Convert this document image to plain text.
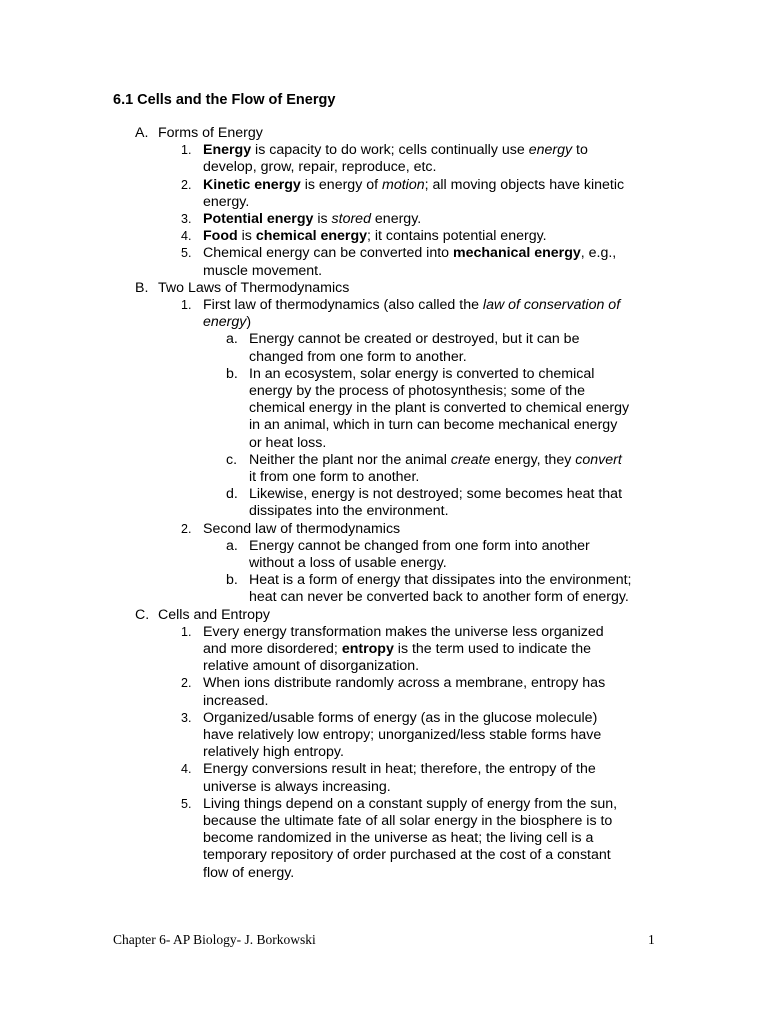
6.1 Cells and the Flow of Energy
A. Forms of Energy
1. Energy is capacity to do work; cells continually use energy to
develop, grow, repair, reproduce, etc.
2. Kinetic energy is energy of motion; all moving objects have kinetic
energy.
3. Potential energy is stored energy.
4. Food is chemical energy; it contains potential energy.
5. Chemical energy can be converted into mechanical energy, e.g.,
muscle movement.
B. Two Laws of Thermodynamics
1. First law of thermodynamics (also called the law of conservation of
energy)
a. Energy cannot be created or destroyed, but it can be
changed from one form to another.
b. In an ecosystem, solar energy is converted to chemical
energy by the process of photosynthesis; some of the
chemical energy in the plant is converted to chemical energy
in an animal, which in turn can become mechanical energy
or heat loss.
c. Neither the plant nor the animal create energy, they convert
it from one form to another.
d. Likewise, energy is not destroyed; some becomes heat that
dissipates into the environment.
2. Second law of thermodynamics
a. Energy cannot be changed from one form into another
without a loss of usable energy.
b. Heat is a form of energy that dissipates into the environment;
heat can never be converted back to another form of energy.
C. Cells and Entropy
1. Every energy transformation makes the universe less organized
and more disordered; entropy is the term used to indicate the
relative amount of disorganization.
2. When ions distribute randomly across a membrane, entropy has
increased.
3. Organized/usable forms of energy (as in the glucose molecule)
have relatively low entropy; unorganized/less stable forms have
relatively high entropy.
4. Energy conversions result in heat; therefore, the entropy of the
universe is always increasing.
5. Living things depend on a constant supply of energy from the sun,
because the ultimate fate of all solar energy in the biosphere is to
become randomized in the universe as heat; the living cell is a
temporary repository of order purchased at the cost of a constant
flow of energy.
Chapter 6- AP Biology- J. Borkowski	1
